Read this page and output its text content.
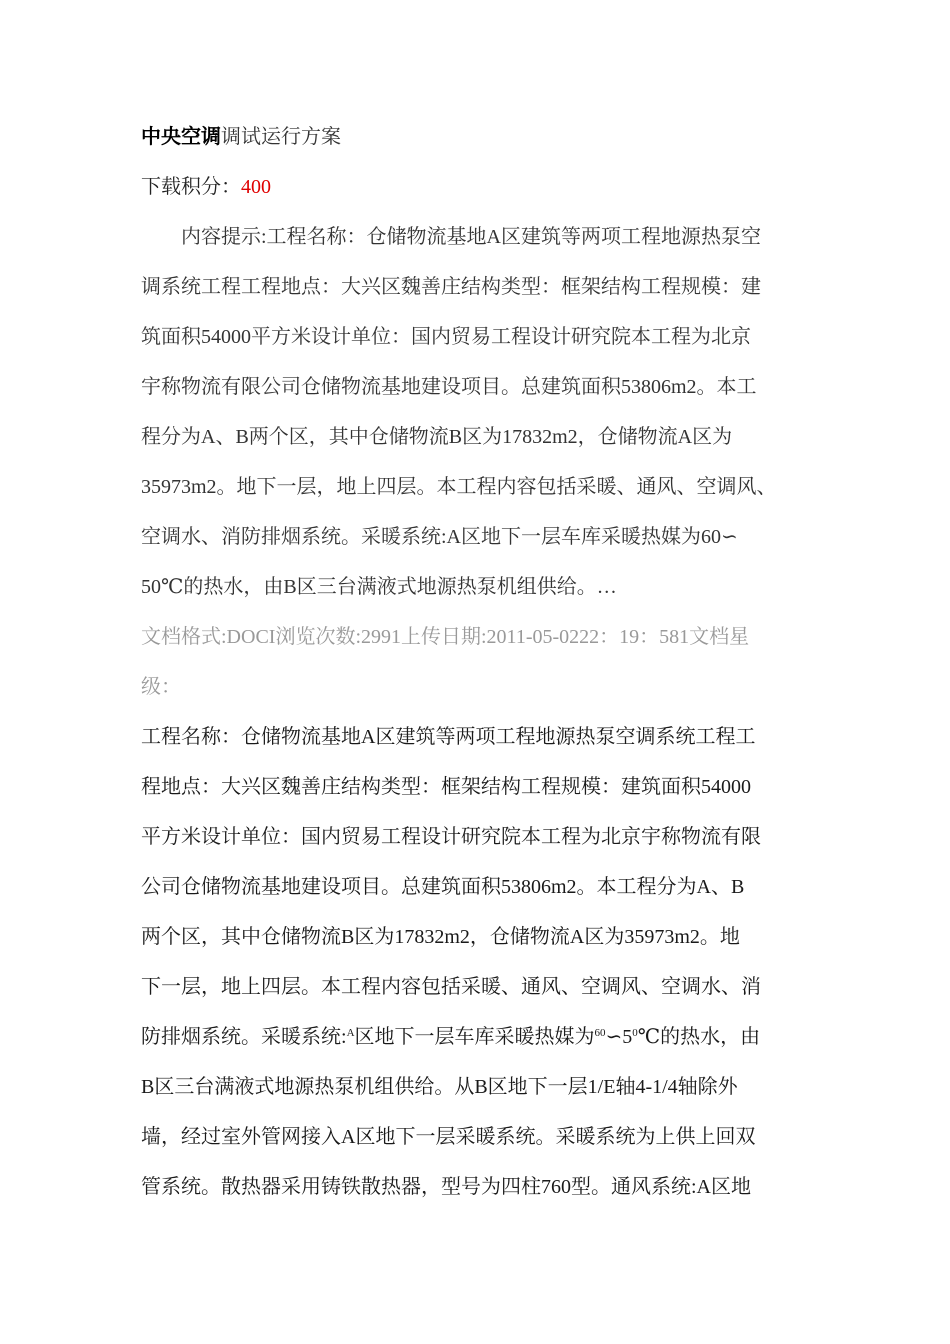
中央空调调试运行方案
下载积分：400
内容提示:工程名称：仓储物流基地A区建筑等两项工程地源热泵空
调系统工程工程地点：大兴区魏善庄结构类型：框架结构工程规模：建
筑面积54000平方米设计单位：国内贸易工程设计研究院本工程为北京
宇称物流有限公司仓储物流基地建设项目。总建筑面积53806m2。本工
程分为A、B两个区，其中仓储物流B区为17832m2，仓储物流A区为
35973m2。地下一层，地上四层。本工程内容包括采暖、通风、空调风、
空调水、消防排烟系统。采暖系统:A区地下一层车库采暖热媒为60∽
50℃的热水，由B区三台满液式地源热泵机组供给。…
文档格式:DOCI浏览次数:2991上传日期:2011-05-0222：19：581文档星
级：
工程名称：仓储物流基地A区建筑等两项工程地源热泵空调系统工程工
程地点：大兴区魏善庄结构类型：框架结构工程规模：建筑面积54000
平方米设计单位：国内贸易工程设计研究院本工程为北京宇称物流有限
公司仓储物流基地建设项目。总建筑面积53806m2。本工程分为A、B
两个区，其中仓储物流B区为17832m2，仓储物流A区为35973m2。地
下一层，地上四层。本工程内容包括采暖、通风、空调风、空调水、消
防排烟系统。采暖系统:$^A$区地下一层车库采暖热媒为$^{60}∽5^0℃$的热水，由
B区三台满液式地源热泵机组供给。从B区地下一层1/E轴4-1/4轴除外
墙，经过室外管网接入A区地下一层采暖系统。采暖系统为上供上回双
管系统。散热器采用铸铁散热器，型号为四柱760型。通风系统:A区地
